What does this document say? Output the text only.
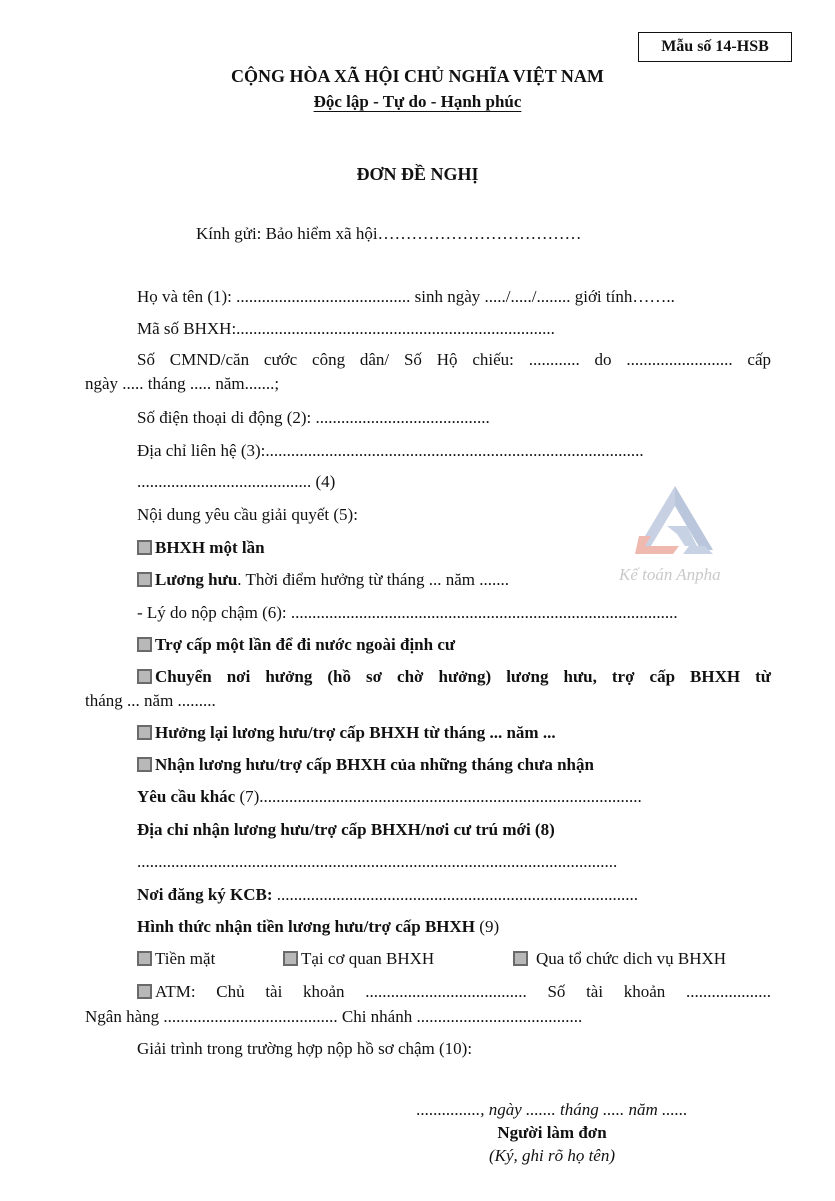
Mẫu số 14-HSB
CỘNG HÒA XÃ HỘI CHỦ NGHĨA VIỆT NAM
Độc lập - Tự do - Hạnh phúc
ĐƠN ĐỀ NGHỊ
Kính gửi: Bảo hiểm xã hội………………………………
Họ và tên (1): ......................................... sinh ngày ...../...../........ giới tính……..
Mã số BHXH:...........................................................................
Số CMND/căn cước công dân/ Số Hộ chiếu: ............ do ......................... cấp
ngày ..... tháng ..... năm.......;
Số điện thoại di động (2): .........................................
Địa chỉ liên hệ (3):.........................................................................................
......................................... (4)
Nội dung yêu cầu giải quyết (5):
Kế toán Anpha
BHXH một lần
Lương hưu. Thời điểm hưởng từ tháng ... năm .......
- Lý do nộp chậm (6): ...........................................................................................
Trợ cấp một lần để đi nước ngoài định cư
Chuyển nơi hưởng (hồ sơ chờ hưởng) lương hưu, trợ cấp BHXH từ
tháng ... năm .........
Hưởng lại lương hưu/trợ cấp BHXH từ tháng ... năm ...
Nhận lương hưu/trợ cấp BHXH của những tháng chưa nhận
Yêu cầu khác (7)..........................................................................................
Địa chỉ nhận lương hưu/trợ cấp BHXH/nơi cư trú mới (8)
.................................................................................................................
Nơi đăng ký KCB: .....................................................................................
Hình thức nhận tiền lương hưu/trợ cấp BHXH (9)
Tiền mặt	Tại cơ quan BHXH	Qua tổ chức dich vụ BHXH
ATM: Chủ tài khoản ...................................... Số tài khoản ....................
Ngân hàng ......................................... Chi nhánh .......................................
Giải trình trong trường hợp nộp hồ sơ chậm (10):
..............., ngày ....... tháng ..... năm ......
Người làm đơn
(Ký, ghi rõ họ tên)
